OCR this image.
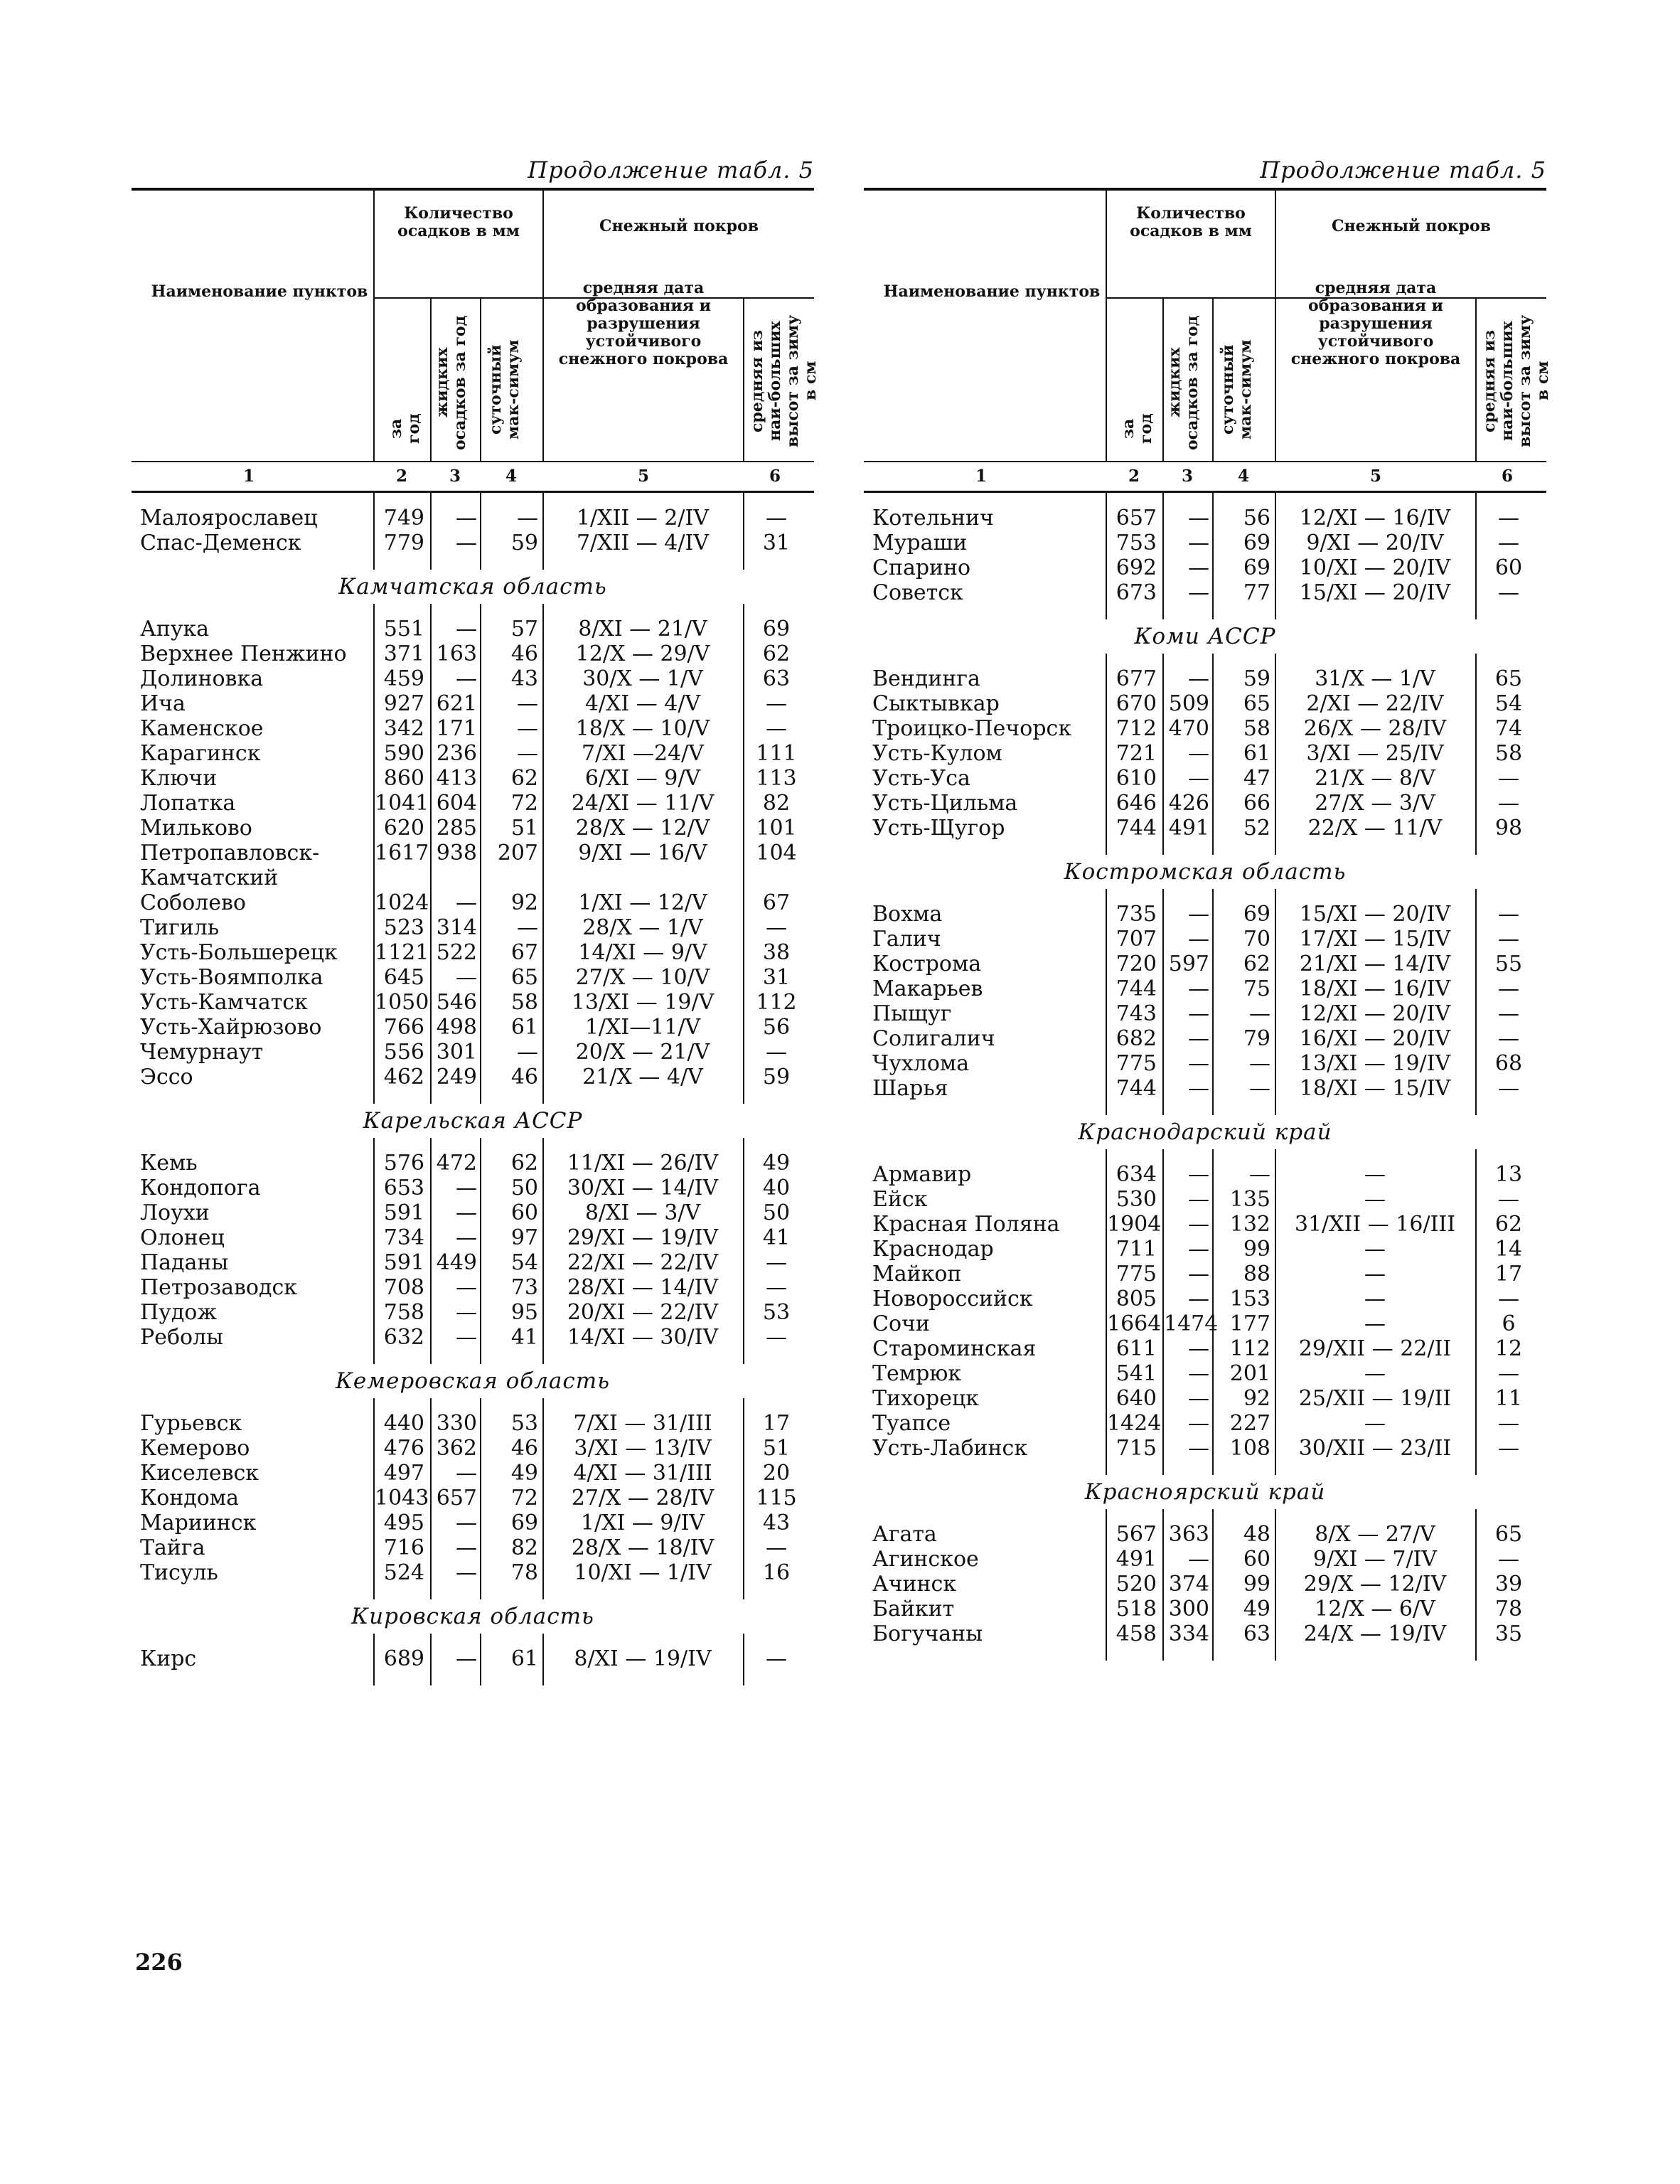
Продолжение табл. 5
Наименование пунктов
Количество осадков в мм	Снежный покров
средняя дата образования и разрушения устойчивого снежного покрова
за год
жидких осадков за год	суточный мак-симум	средняя из наи-больших высот за зиму в см
1	2	3	4	5	6
Малоярославец	749	—	—	1/XII — 2/IV	—
Спас-Деменск	779	—	59	7/XII — 4/IV	31
Камчатская область
Апука	551	—	57	8/XI — 21/V	69
Верхнее Пенжино	371 163	46	12/X — 29/V	62
Долиновка	459	—	43	30/X — 1/V	63
Ича	927 621	—	4/XI — 4/V	—
Каменское	342 171	—	18/X — 10/V	—
Карагинск	590 236	—	7/XI —24/V	111
Ключи	860 413	62	6/XI — 9/V	113
Лопатка	1041 604	72	24/XI — 11/V	82
Мильково	620 285	51	28/X — 12/V	101
Петропавловск-	1617 938 207	9/XI — 16/V	104
Камчатский
Соболево	1024	—	92	1/XI — 12/V	67
Тигиль	523 314	—	28/X — 1/V	—
Усть-Большерецк	1121 522	67	14/XI — 9/V	38
Усть-Воямполка	645	—	65	27/X — 10/V	31
Усть-Камчатск	1050 546	58	13/XI — 19/V	112
Усть-Хайрюзово	766 498	61	1/XI—11/V	56
Чемурнаут	556 301	—	20/X — 21/V	—
Эссо	462 249	46	21/X — 4/V	59
Карельская АССР
Кемь	576 472	62	11/XI — 26/IV	49
Кондопога	653	—	50	30/XI — 14/IV	40
Лоухи	591	—	60	8/XI — 3/V	50
Олонец	734	—	97	29/XI — 19/IV	41
Паданы	591 449	54	22/XI — 22/IV	—
Петрозаводск	708	—	73	28/XI — 14/IV	—
Пудож	758	—	95	20/XI — 22/IV	53
Реболы	632	—	41	14/XI — 30/IV	—
Кемеровская область
Гурьевск	440 330	53	7/XI — 31/III	17
Кемерово	476 362	46	3/XI — 13/IV	51
Киселевск	497	—	49	4/XI — 31/III	20
Кондома	1043 657	72	27/X — 28/IV	115
Мариинск	495	—	69	1/XI — 9/IV	43
Тайга	716	—	82	28/X — 18/IV	—
Тисуль	524	—	78	10/XI — 1/IV	16
Кировская область
Кирс	689	—	61	8/XI — 19/IV	—
Продолжение табл. 5
Наименование пунктов
Количество осадков в мм	Снежный покров
средняя дата образования и разрушения устойчивого снежного покрова
за год
жидких осадков за год	суточный мак-симум	средняя из наи-больших высот за зиму в см
1	2	3	4	5	6
Котельнич	657	—	56	12/XI — 16/IV	—
Мураши	753	—	69	9/XI — 20/IV	—
Спарино	692	—	69	10/XI — 20/IV	60
Советск	673	—	77	15/XI — 20/IV	—
Коми АССР
Вендинга	677	—	59	31/X — 1/V	65
Сыктывкар	670 509	65	2/XI — 22/IV	54
Троицко-Печорск	712 470	58	26/X — 28/IV	74
Усть-Кулом	721	—	61	3/XI — 25/IV	58
Усть-Уса	610	—	47	21/X — 8/V	—
Усть-Цильма	646 426	66	27/X — 3/V	—
Усть-Щугор	744 491	52	22/X — 11/V	98
Костромская область
Вохма	735	—	69	15/XI — 20/IV	—
Галич	707	—	70	17/XI — 15/IV	—
Кострома	720 597	62	21/XI — 14/IV	55
Макарьев	744	—	75	18/XI — 16/IV	—
Пыщуг	743	—	—	12/XI — 20/IV	—
Солигалич	682	—	79	16/XI — 20/IV	—
Чухлома	775	—	—	13/XI — 19/IV	68
Шарья	744	—	—	18/XI — 15/IV	—
Краснодарский край
Армавир	634	—	—	—	13
Ейск	530	— 135	—	—
Красная Поляна	1904	— 132	31/XII — 16/III	62
Краснодар	711	—	99	—	14
Майкоп	775	—	88	—	17
Новороссийск	805	— 153	—	—
Сочи	1664 1474 177	—	6
Староминская	611	— 112	29/XII — 22/II	12
Темрюк	541	— 201	—	—
Тихорецк	640	—	92	25/XII — 19/II	11
Туапсе	1424	— 227	—	—
Усть-Лабинск	715	— 108	30/XII — 23/II	—
Красноярский край
Агата	567 363	48	8/X — 27/V	65
Агинское	491	—	60	9/XI — 7/IV	—
Ачинск	520 374	99	29/X — 12/IV	39
Байкит	518 300	49	12/X — 6/V	78
Богучаны	458 334	63	24/X — 19/IV	35
226
